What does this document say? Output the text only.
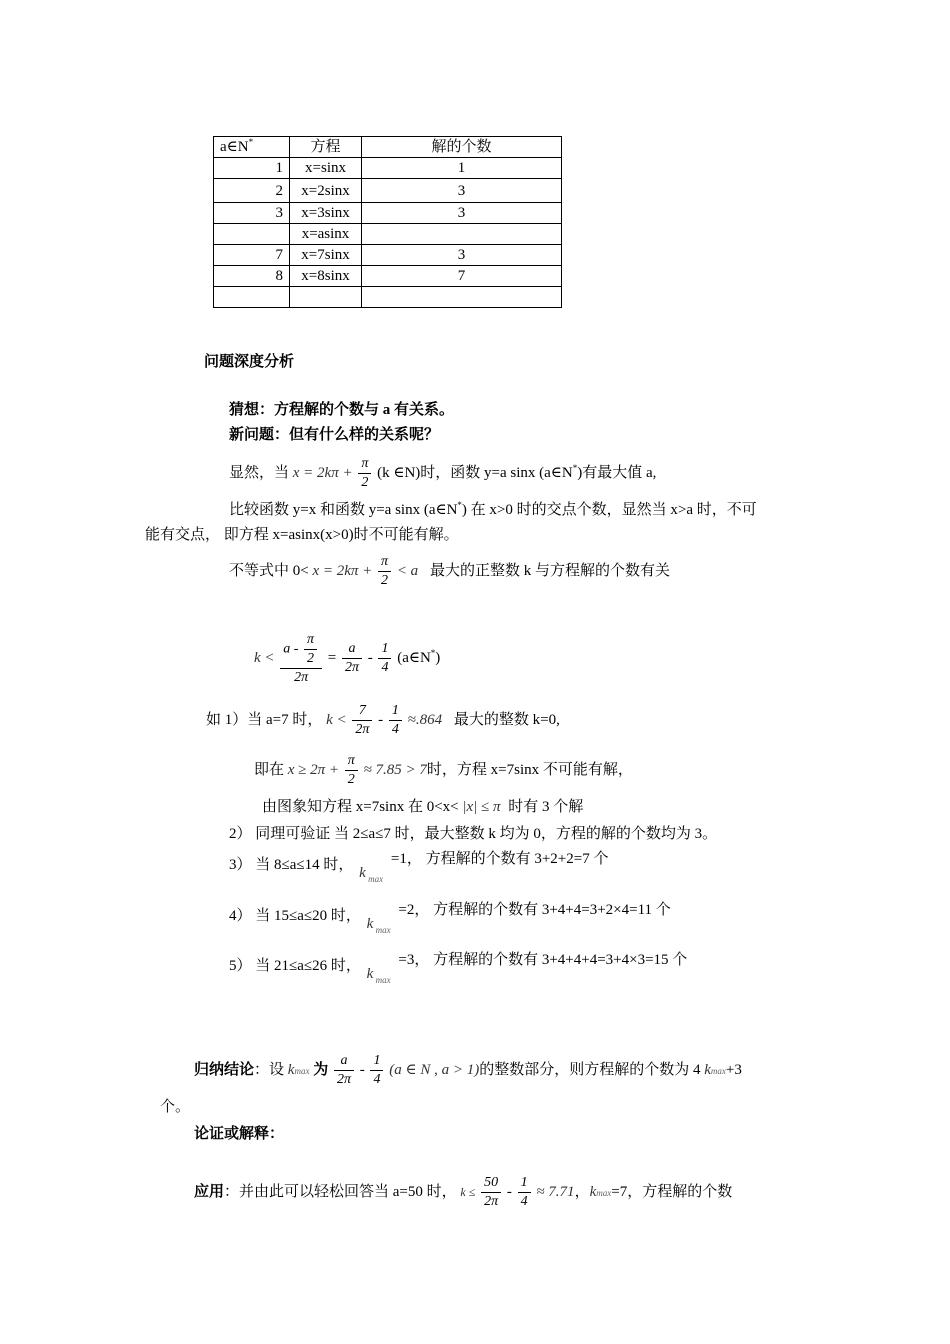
a∈N*	方程	解的个数
1	x=sinx	1
2	x=2sinx	3
3	x=3sinx	3
	x=asinx	
7	x=7sinx	3
8	x=8sinx	7

问题深度分析
猜想：方程解的个数与 a 有关系。
新问题：但有什么样的关系呢？
显然，当 $x = 2k\pi + \frac{\pi}{2} (k$ ∈N)时，函数 y=a sinx (a∈N*)有最大值 a,
比较函数 y=x 和函数 y=a sinx (a∈N*) 在 x>0 时的交点个数，显然当 x>a 时，不可
能有交点， 即方程 x=asinx(x>0)时不可能有解。
不等式中 $0< x = 2k\pi + \frac{\pi}{2} < a$ 最大的正整数 k 与方程解的个数有关
$k < \frac{a - \frac{\pi}{2}}{2\pi} = \frac{a}{2\pi} - \frac{1}{4}$ (a∈N*)
如 1）当 a=7 时， $k < \frac{7}{2\pi} - \frac{1}{4} \approx.864$ 最大的整数 k=0,
即在 $x \ge 2\pi + \frac{\pi}{2} \approx 7.85 > 7$时，方程 x=7sinx 不可能有解，
由图象知方程 x=7sinx 在 0<x< |x| ≤ π 时有 3 个解
2） 同理可验证 当 2≤a≤7 时，最大整数 k 均为 0，方程的解的个数均为 3。
3） 当 8≤a≤14 时， k max
=1， 方程解的个数有 3+2+2=7 个
4） 当 15≤a≤20 时， k max
=2， 方程解的个数有 3+4+4=3+2×4=11 个
5） 当 21≤a≤26 时， k max
=3， 方程解的个数有 3+4+4+4=3+4×3=15 个
归纳结论：设 kmax 为 $\frac{a}{2\pi} - \frac{1}{4} (a$ ∈ N , a > 1)的整数部分，则方程解的个数为 4 kmax+3
个。
论证或解释：
应用：并由此可以轻松回答当 a=50 时， $k \le \frac{50}{2\pi} - \frac{1}{4} \approx 7.71$，kmax=7，方程解的个数
